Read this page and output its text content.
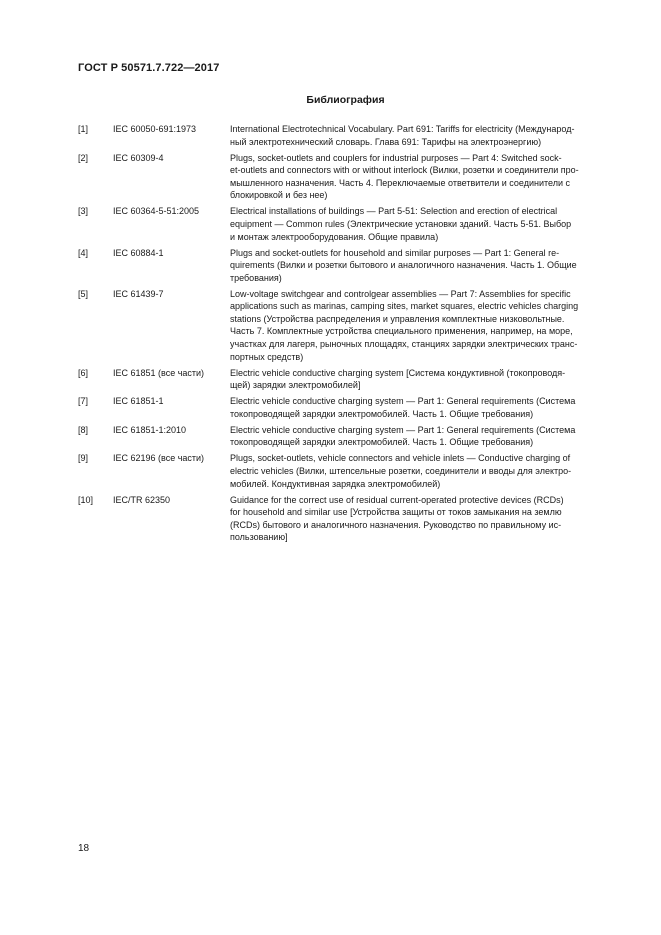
ГОСТ Р 50571.7.722—2017
Библиография
[1]	IEC 60050-691:1973	International Electrotechnical Vocabulary. Part 691: Tariffs for electricity (Международ-
ный электротехнический словарь. Глава 691: Тарифы на электроэнергию)
[2]	IEC 60309-4	Plugs, socket-outlets and couplers for industrial purposes — Part 4: Switched sock-
et-outlets and connectors with or without interlock (Вилки, розетки и соединители про-
мышленного назначения. Часть 4. Переключаемые ответвители и соединители с
блокировкой и без нее)
[3]	IEC 60364-5-51:2005	Electrical installations of buildings — Part 5-51: Selection and erection of electrical
equipment — Common rules (Электрические установки зданий. Часть 5-51. Выбор
и монтаж электрооборудования. Общие правила)
[4]	IEC 60884-1	Plugs and socket-outlets for household and similar purposes — Part 1: General re-
quirements (Вилки и розетки бытового и аналогичного назначения. Часть 1. Общие
требования)
[5]	IEC 61439-7	Low-voltage switchgear and controlgear assemblies — Part 7: Assemblies for specific
applications such as marinas, camping sites, market squares, electric vehicles charging
stations (Устройства распределения и управления комплектные низковольтные.
Часть 7. Комплектные устройства специального применения, например, на море,
участках для лагеря, рыночных площадях, станциях зарядки электрических транс-
портных средств)
[6]	IEC 61851 (все части)	Electric vehicle conductive charging system [Система кондуктивной (токопроводя-
щей) зарядки электромобилей]
[7]	IEC 61851-1	Electric vehicle conductive charging system — Part 1: General requirements (Система
токопроводящей зарядки электромобилей. Часть 1. Общие требования)
[8]	IEC 61851-1:2010	Electric vehicle conductive charging system — Part 1: General requirements (Система
токопроводящей зарядки электромобилей. Часть 1. Общие требования)
[9]	IEC 62196 (все части)	Plugs, socket-outlets, vehicle connectors and vehicle inlets — Conductive charging of
electric vehicles (Вилки, штепсельные розетки, соединители и вводы для электро-
мобилей. Кондуктивная зарядка электромобилей)
[10]	IEC/TR 62350	Guidance for the correct use of residual current-operated protective devices (RCDs)
for household and similar use [Устройства защиты от токов замыкания на землю
(RCDs) бытового и аналогичного назначения. Руководство по правильному ис-
пользованию]
18
